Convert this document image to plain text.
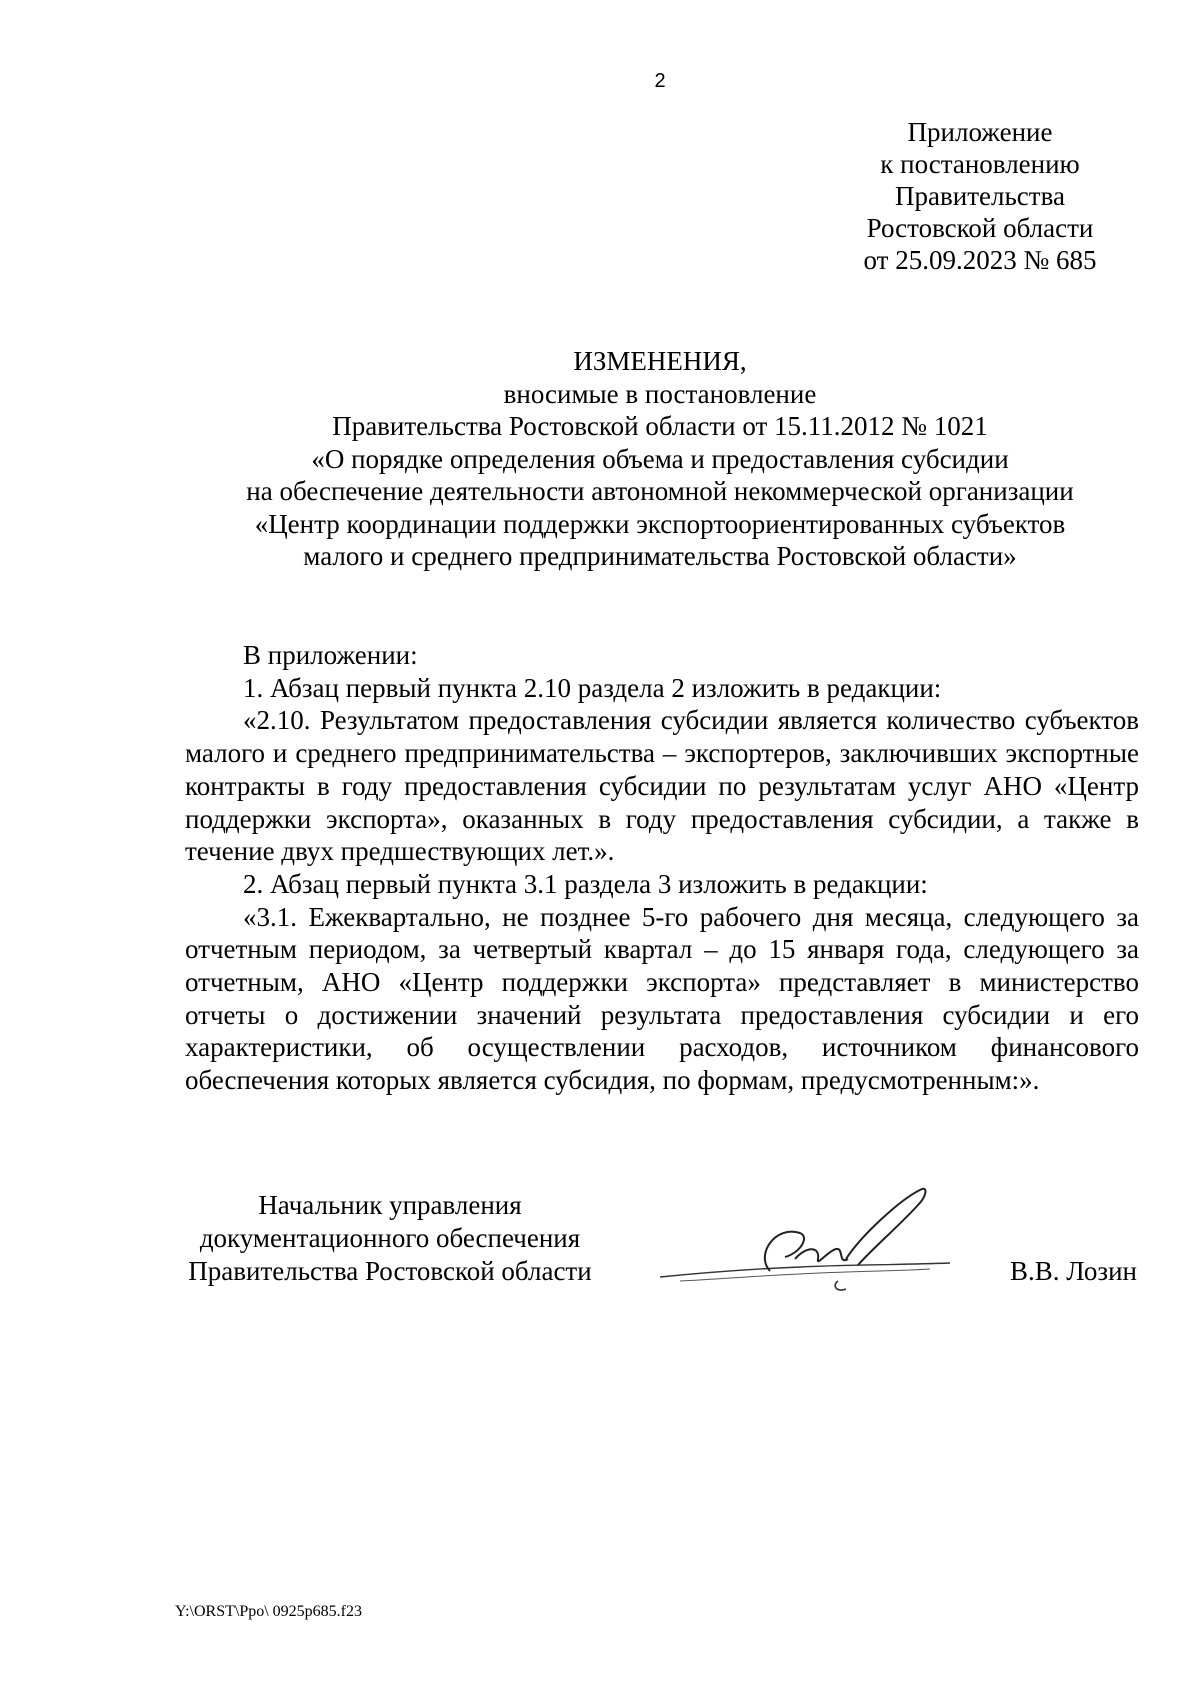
2
Приложение
к постановлению
Правительства
Ростовской области
от 25.09.2023 № 685
ИЗМЕНЕНИЯ,
вносимые в постановление
Правительства Ростовской области от 15.11.2012 № 1021
«О порядке определения объема и предоставления субсидии
на обеспечение деятельности автономной некоммерческой организации
«Центр координации поддержки экспортоориентированных субъектов
малого и среднего предпринимательства Ростовской области»

В приложении:

1. Абзац первый пункта 2.10 раздела 2 изложить в редакции:

«2.10. Результатом предоставления субсидии является количество субъектов малого и среднего предпринимательства – экспортеров, заключивших экспортные контракты в году предоставления субсидии по результатам услуг АНО «Центр поддержки экспорта», оказанных в году предоставления субсидии, а также в течение двух предшествующих лет.».

2. Абзац первый пункта 3.1 раздела 3 изложить в редакции:

«3.1. Ежеквартально, не позднее 5-го рабочего дня месяца, следующего за отчетным периодом, за четвертый квартал – до 15 января года, следующего за отчетным, АНО «Центр поддержки экспорта» представляет в министерство отчеты о достижении значений результата предоставления субсидии и его характеристики, об осуществлении расходов, источником финансового обеспечения которых является субсидия, по формам, предусмотренным:».

Начальник управления
документационного обеспечения
Правительства Ростовской области	В.В. Лозин
Y:\ORST\Рро\ 0925р685.f23
